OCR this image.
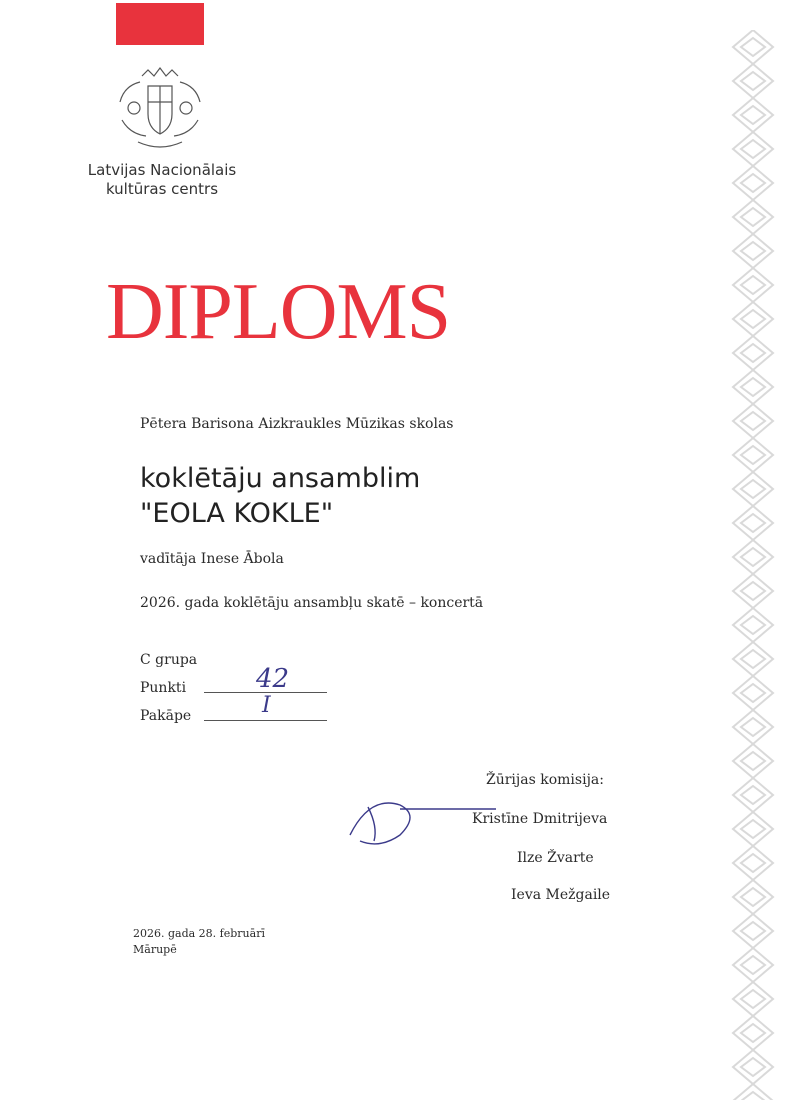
Latvijas Nacionālais
kultūras centrs
DIPLOMS
Pētera Barisona Aizkraukles Mūzikas skolas
koklētāju ansamblim
"EOLA KOKLE"
vadītāja Inese Ābola
2026. gada koklētāju ansambļu skatē – koncertā
C grupa
Punkti	42
Pakāpe	I
Žūrijas komisija:
Kristīne Dmitrijeva
Ilze Žvarte
Ieva Mežgaile
2026. gada 28. februārī
Mārupē
